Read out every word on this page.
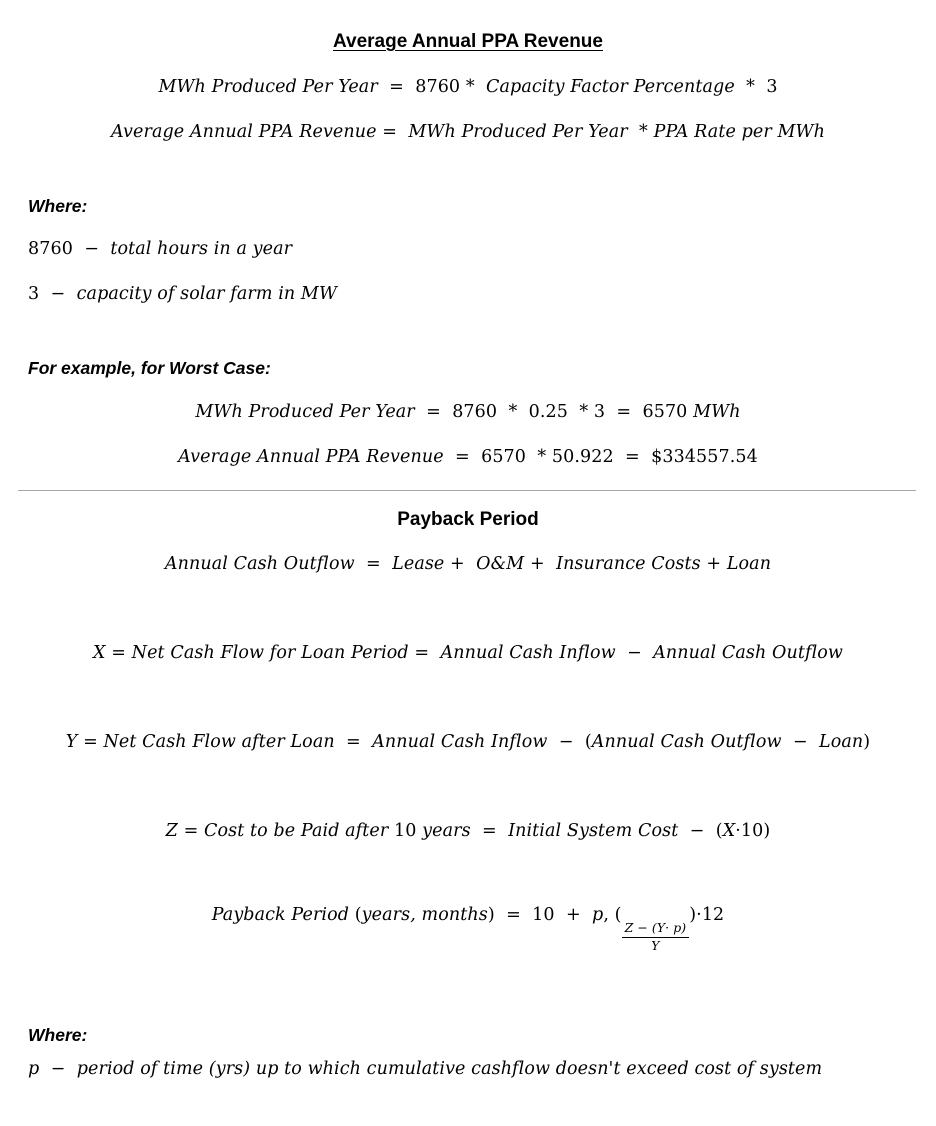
Average Annual PPA Revenue
MWh Produced Per Year  =  8760 *  Capacity Factor Percentage  *  3
Average Annual PPA Revenue =  MWh Produced Per Year  * PPA Rate per MWh
Where:
8760  −  total hours in a year
3  −  capacity of solar farm in MW
For example, for Worst Case:
MWh Produced Per Year  =  8760  *  0.25  * 3  =  6570 MWh
Average Annual PPA Revenue  =  6570  * 50.922  =  $334557.54
Payback Period
Annual Cash Outflow  =  Lease +  O&M +  Insurance Costs + Loan
X = Net Cash Flow for Loan Period =  Annual Cash Inflow  −  Annual Cash Outflow
Y = Net Cash Flow after Loan  =  Annual Cash Inflow  −  (Annual Cash Outflow  −  Loan)
Z = Cost to be Paid after 10 years  =  Initial System Cost  −  (X·10)
Payback Period (years, months)  =  10  +  p, (
$\frac{Z - (Y\cdot p)}{Y}$
)·12
Where:
p  −  period of time (yrs) up to which cumulative cashflow doesn't exceed cost of system
